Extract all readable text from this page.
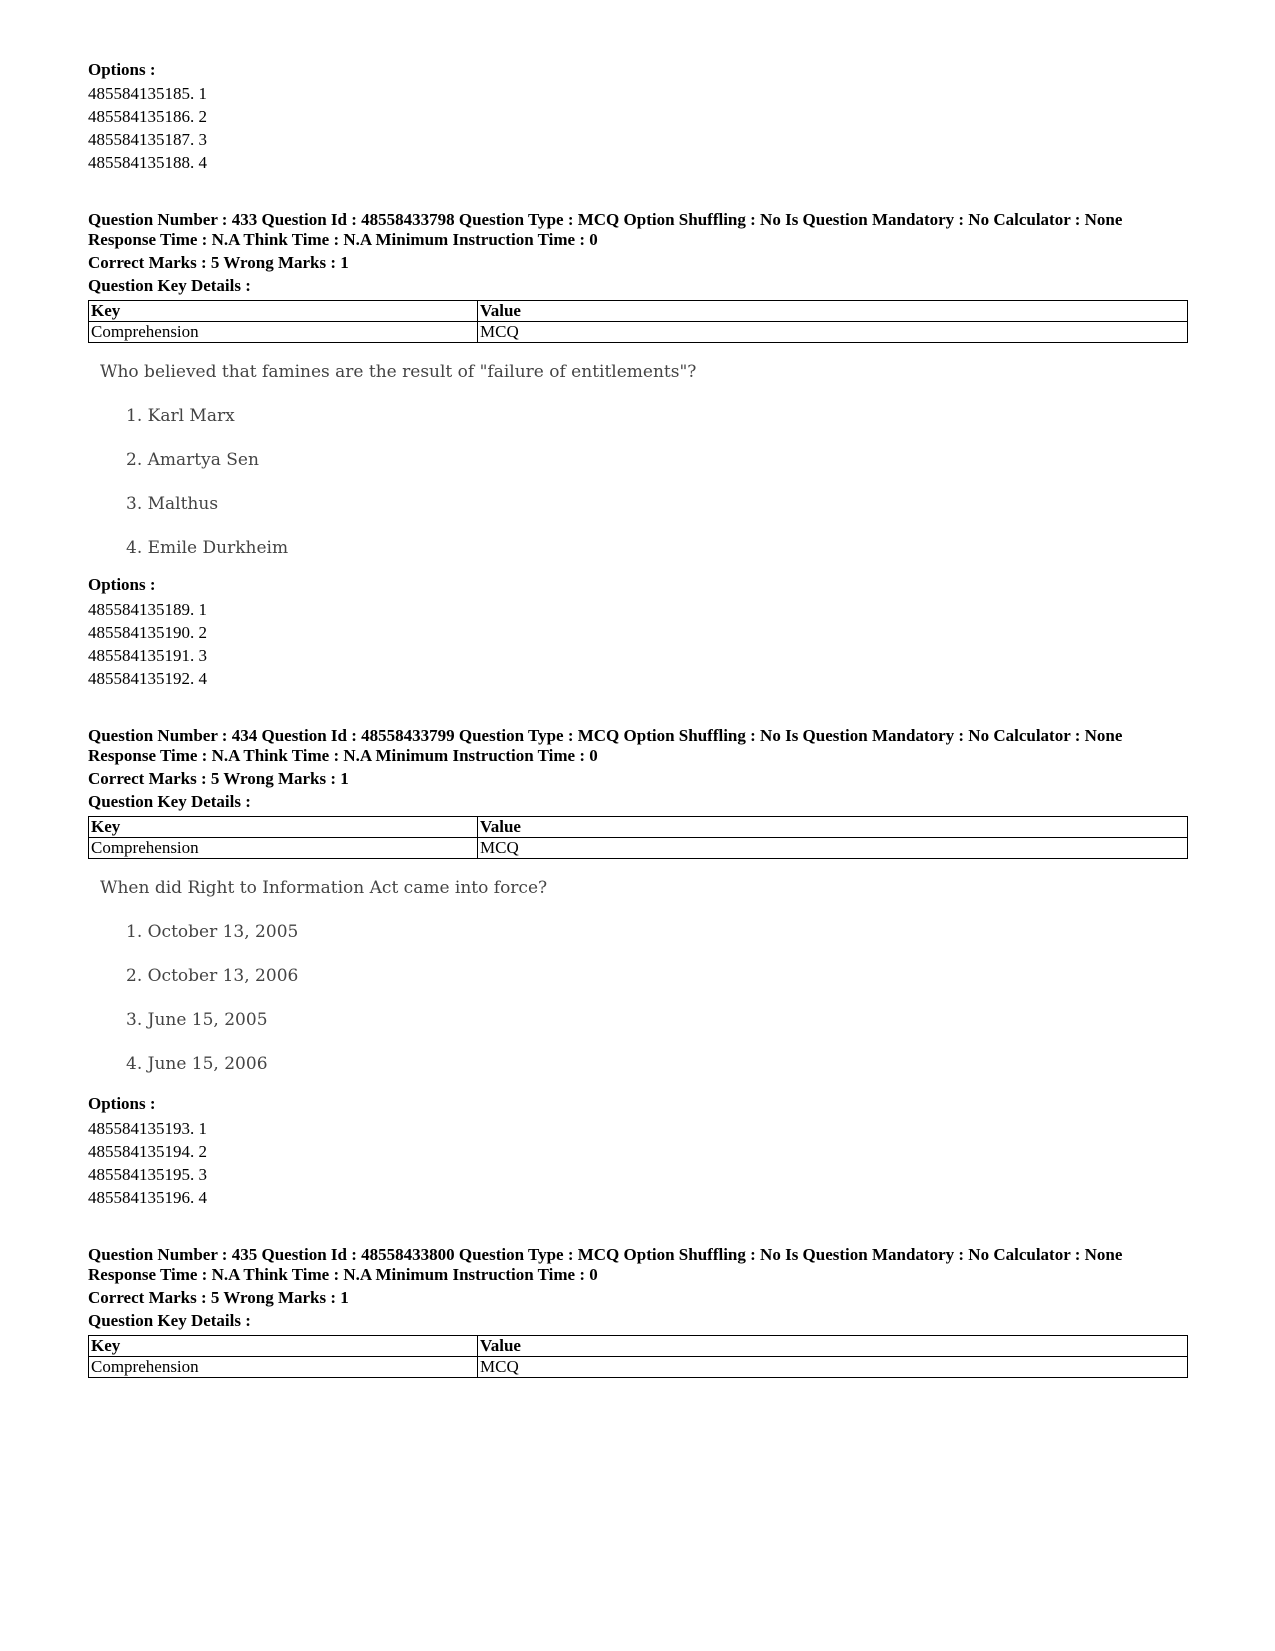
Options :
485584135185. 1
485584135186. 2
485584135187. 3
485584135188. 4
Question Number : 433 Question Id : 48558433798 Question Type : MCQ Option Shuffling : No Is Question Mandatory : No Calculator : None
Response Time : N.A Think Time : N.A Minimum Instruction Time : 0
Correct Marks : 5 Wrong Marks : 1
Question Key Details :
Key	Value
Comprehension	MCQ
Who believed that famines are the result of "failure of entitlements"?
1. Karl Marx
2. Amartya Sen
3. Malthus
4. Emile Durkheim
Options :
485584135189. 1
485584135190. 2
485584135191. 3
485584135192. 4
Question Number : 434 Question Id : 48558433799 Question Type : MCQ Option Shuffling : No Is Question Mandatory : No Calculator : None
Response Time : N.A Think Time : N.A Minimum Instruction Time : 0
Correct Marks : 5 Wrong Marks : 1
Question Key Details :
Key	Value
Comprehension	MCQ
When did Right to Information Act came into force?
1. October 13, 2005
2. October 13, 2006
3. June 15, 2005
4. June 15, 2006
Options :
485584135193. 1
485584135194. 2
485584135195. 3
485584135196. 4
Question Number : 435 Question Id : 48558433800 Question Type : MCQ Option Shuffling : No Is Question Mandatory : No Calculator : None
Response Time : N.A Think Time : N.A Minimum Instruction Time : 0
Correct Marks : 5 Wrong Marks : 1
Question Key Details :
Key	Value
Comprehension	MCQ
